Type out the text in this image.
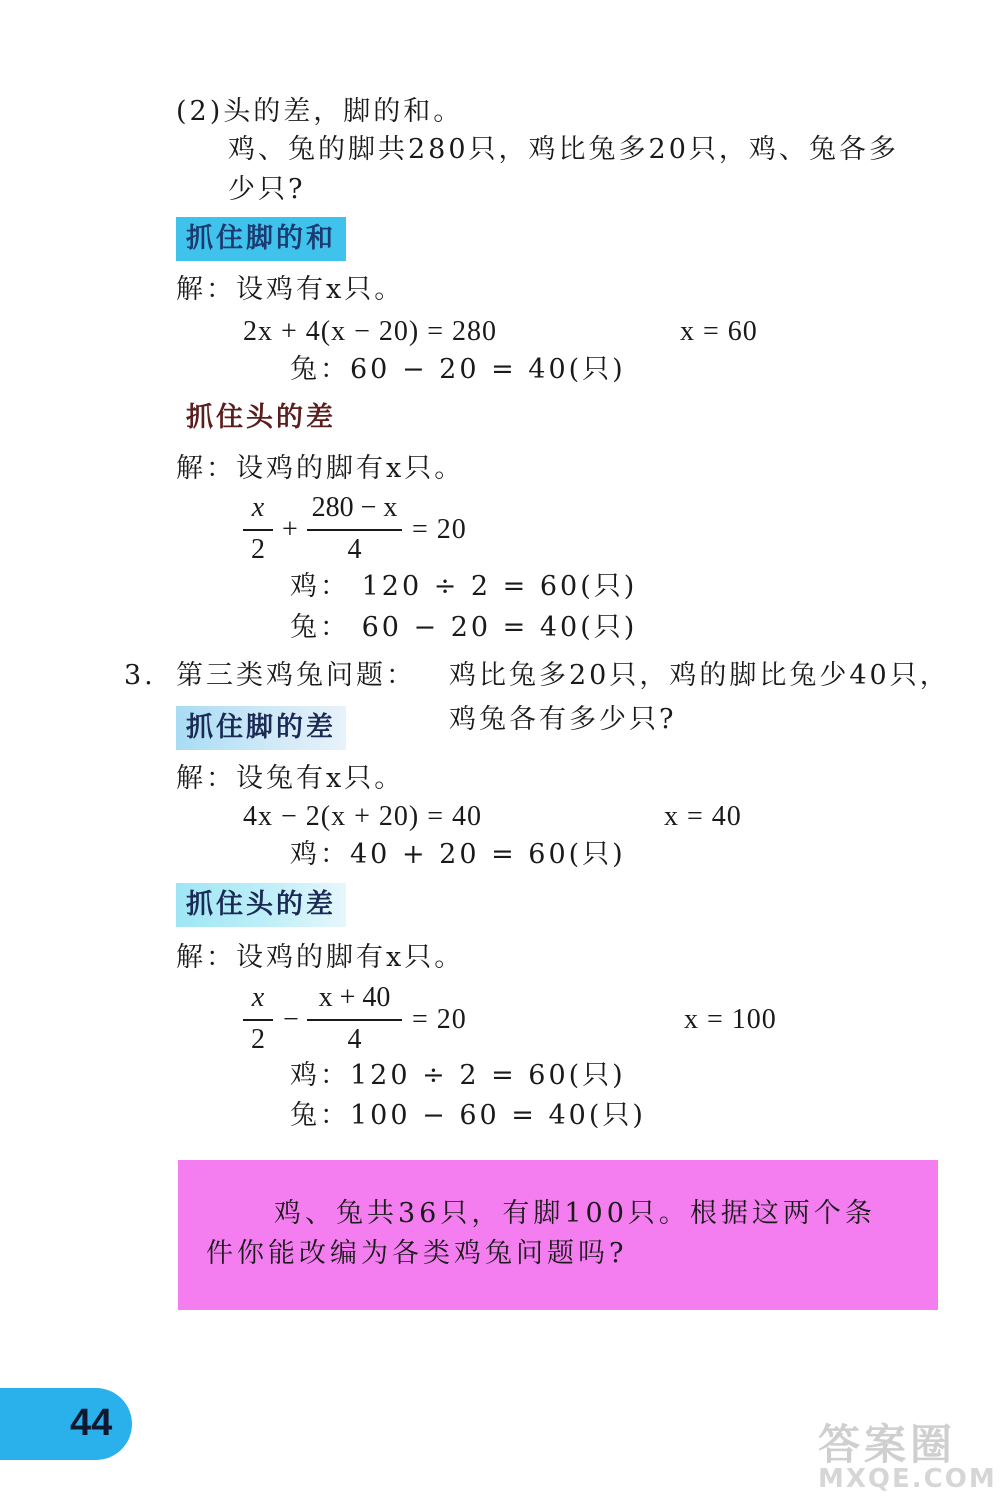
(2)头的差，脚的和。
鸡、兔的脚共280只，鸡比兔多20只，鸡、兔各多
少只?
抓住脚的和
解：设鸡有x只。
2x + 4(x − 20) = 280	x = 60
兔：60 − 20 = 40(只)
抓住头的差
解：设鸡的脚有x只。
x
2
+
280 − x
4
= 20
鸡： 120 ÷ 2 = 60(只)
兔： 60 − 20 = 40(只)
3. 第三类鸡兔问题： 鸡比兔多20只，鸡的脚比兔少40只，
鸡兔各有多少只?
抓住脚的差
解：设兔有x只。
4x − 2(x + 20) = 40	x = 40
鸡：40 + 20 = 60(只)
抓住头的差
解：设鸡的脚有x只。
x
2
−
x + 40
4
= 20	x = 100
鸡：120 ÷ 2 = 60(只)
兔：100 − 60 = 40(只)
鸡、兔共36只，有脚100只。根据这两个条
件你能改编为各类鸡兔问题吗?
44	答案圈
MXQE.COM
